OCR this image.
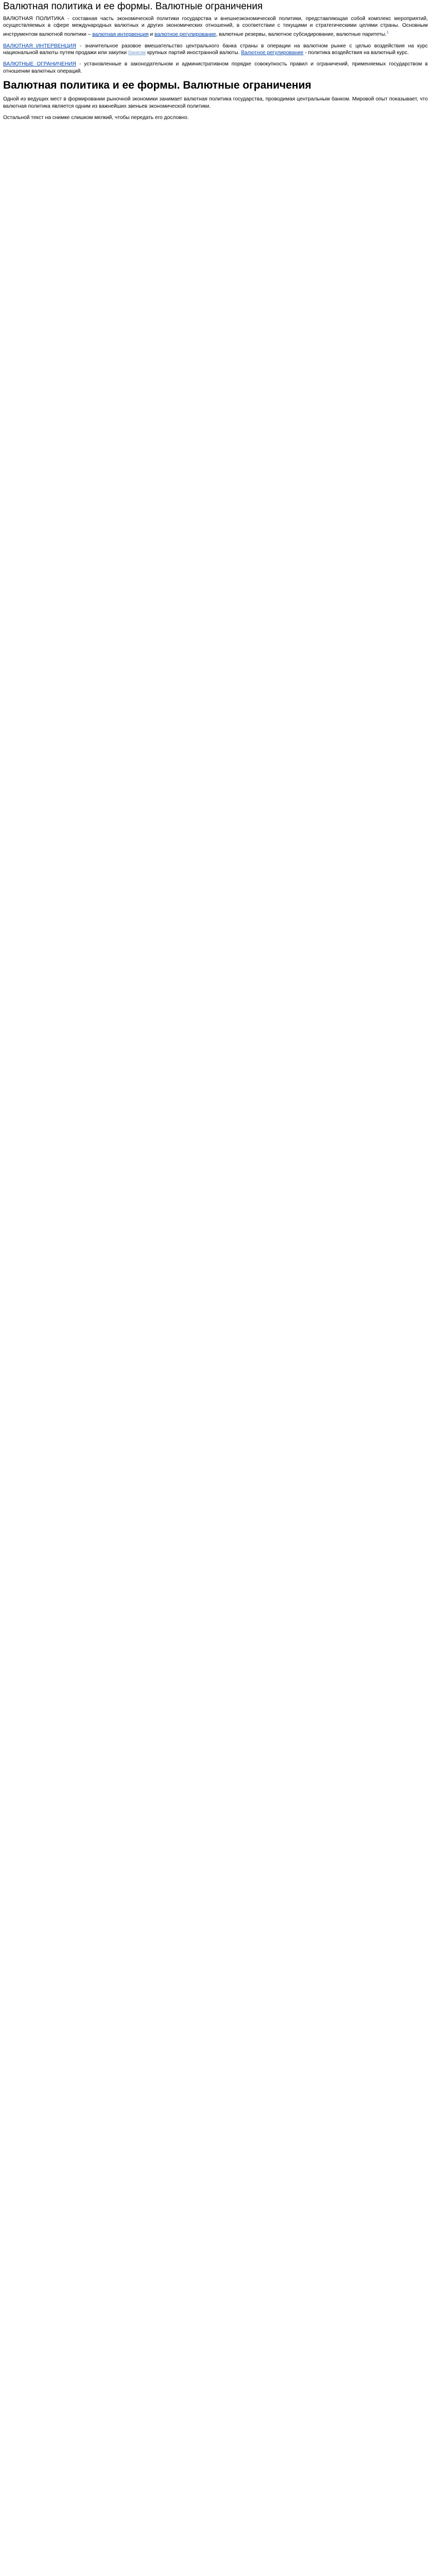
Валютная политика и ее формы. Валютные ограничения

ВАЛЮТНАЯ ПОЛИТИКА - составная часть экономической политики государства и внешнеэкономической политики, представляющая собой комплекс мероприятий, осуществляемых в сфере международных валютных и других экономических отношений, в соответствии с текущими и стратегическими целями страны. Основным инструментом валютной политики – валютная интервенция и валютное регулирование, валютные резервы, валютное субсидирование, валютные паритеты.$^1$

ВАЛЮТНАЯ ИНТЕРВЕНЦИЯ - значительное разовое вмешательство центрального банка страны в операции на валютном рынке с целью воздействия на курс национальной валюты путем продажи или закупки банком крупных партий иностранной валюты. Валютное регулирование - политика воздействия на валютный курс.

ВАЛЮТНЫЕ ОГРАНИЧЕНИЯ - установленные в законодательном и административном порядке совокупность правил и ограничений, применяемых государством в отношении валютных операций.

Валютная политика и ее формы. Валютные ограничения

Одной из ведущих мест в формировании рыночной экономики занимает валютная политика государства, проводимая центральным банком. Мировой опыт показывает, что валютная политика является одним из важнейших звеньев экономической политики.

Остальной текст на снимке слишком мелкий, чтобы передать его дословно.
